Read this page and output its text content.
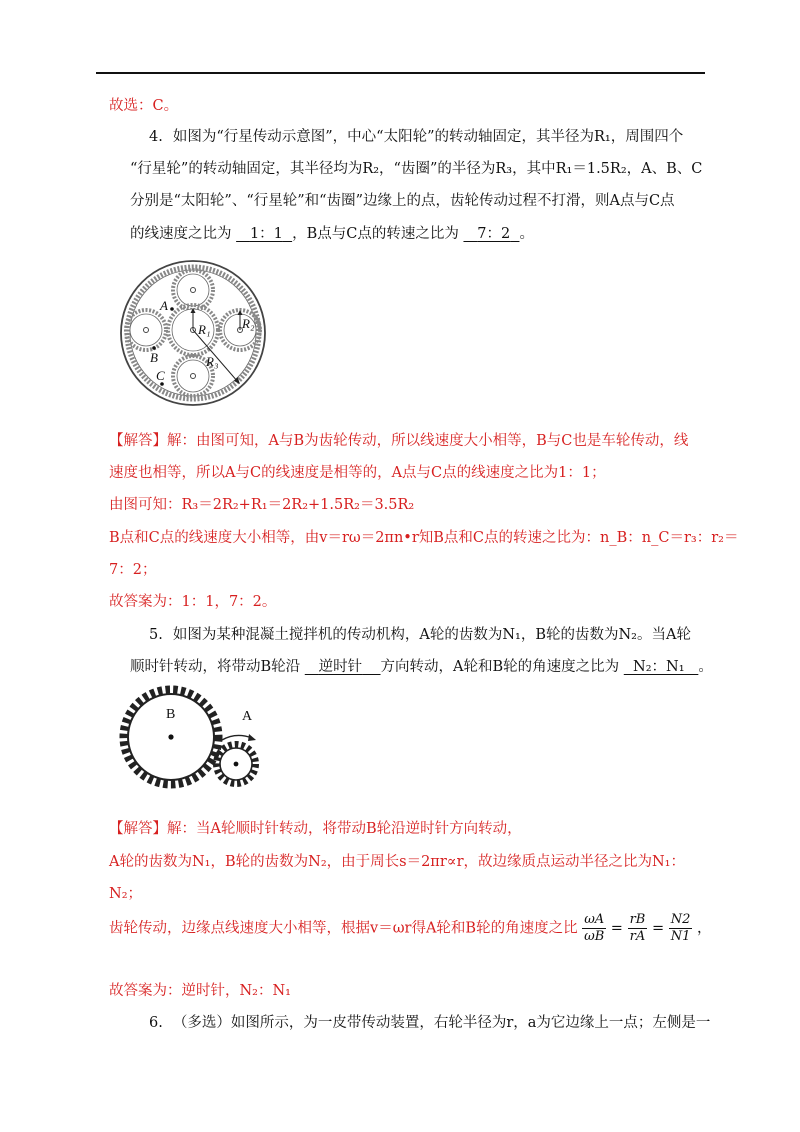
故选：C。
4. 如图为“行星传动示意图”，中心“太阳轮”的转动轴固定，其半径为R₁，周围四个
“行星轮”的转动轴固定，其半径均为R₂，“齿圈”的半径为R₃，其中R₁＝1.5R₂，A、B、C
分别是“太阳轮”、“行星轮”和“齿圈”边缘上的点，齿轮传动过程不打滑，则A点与C点
的线速度之比为 1：1 ，B点与C点的转速之比为 7：2 。
A
B
C
R₁ R₂
R₃
【解答】解：由图可知，A与B为齿轮传动，所以线速度大小相等，B与C也是车轮传动，线
速度也相等，所以A与C的线速度是相等的，A点与C点的线速度之比为1：1；
由图可知：R₃＝2R₂+R₁＝2R₂+1.5R₂＝3.5R₂
B点和C点的线速度大小相等，由v＝rω＝2πn•r知B点和C点的转速之比为：n_B：n_C＝r₃：r₂＝
7：2；
故答案为：1：1，7：2。
5. 如图为某种混凝土搅拌机的传动机构，A轮的齿数为N₁，B轮的齿数为N₂。当A轮
顺时针转动，将带动B轮沿 逆时针 方向转动，A轮和B轮的角速度之比为 N₂：N₁ 。
B	A
【解答】解：当A轮顺时针转动，将带动B轮沿逆时针方向转动，
A轮的齿数为N₁，B轮的齿数为N₂，由于周长s＝2πr∝r，故边缘质点运动半径之比为N₁：
N₂；
齿轮传动，边缘点线速度大小相等，根据v＝ωr得A轮和B轮的角速度之比 $\frac{\omega A}{\omega B} = \frac{rB}{rA} = \frac{N2}{N1}$ ，
故答案为：逆时针，N₂：N₁
6. （多选）如图所示，为一皮带传动装置，右轮半径为r，a为它边缘上一点；左侧是一
